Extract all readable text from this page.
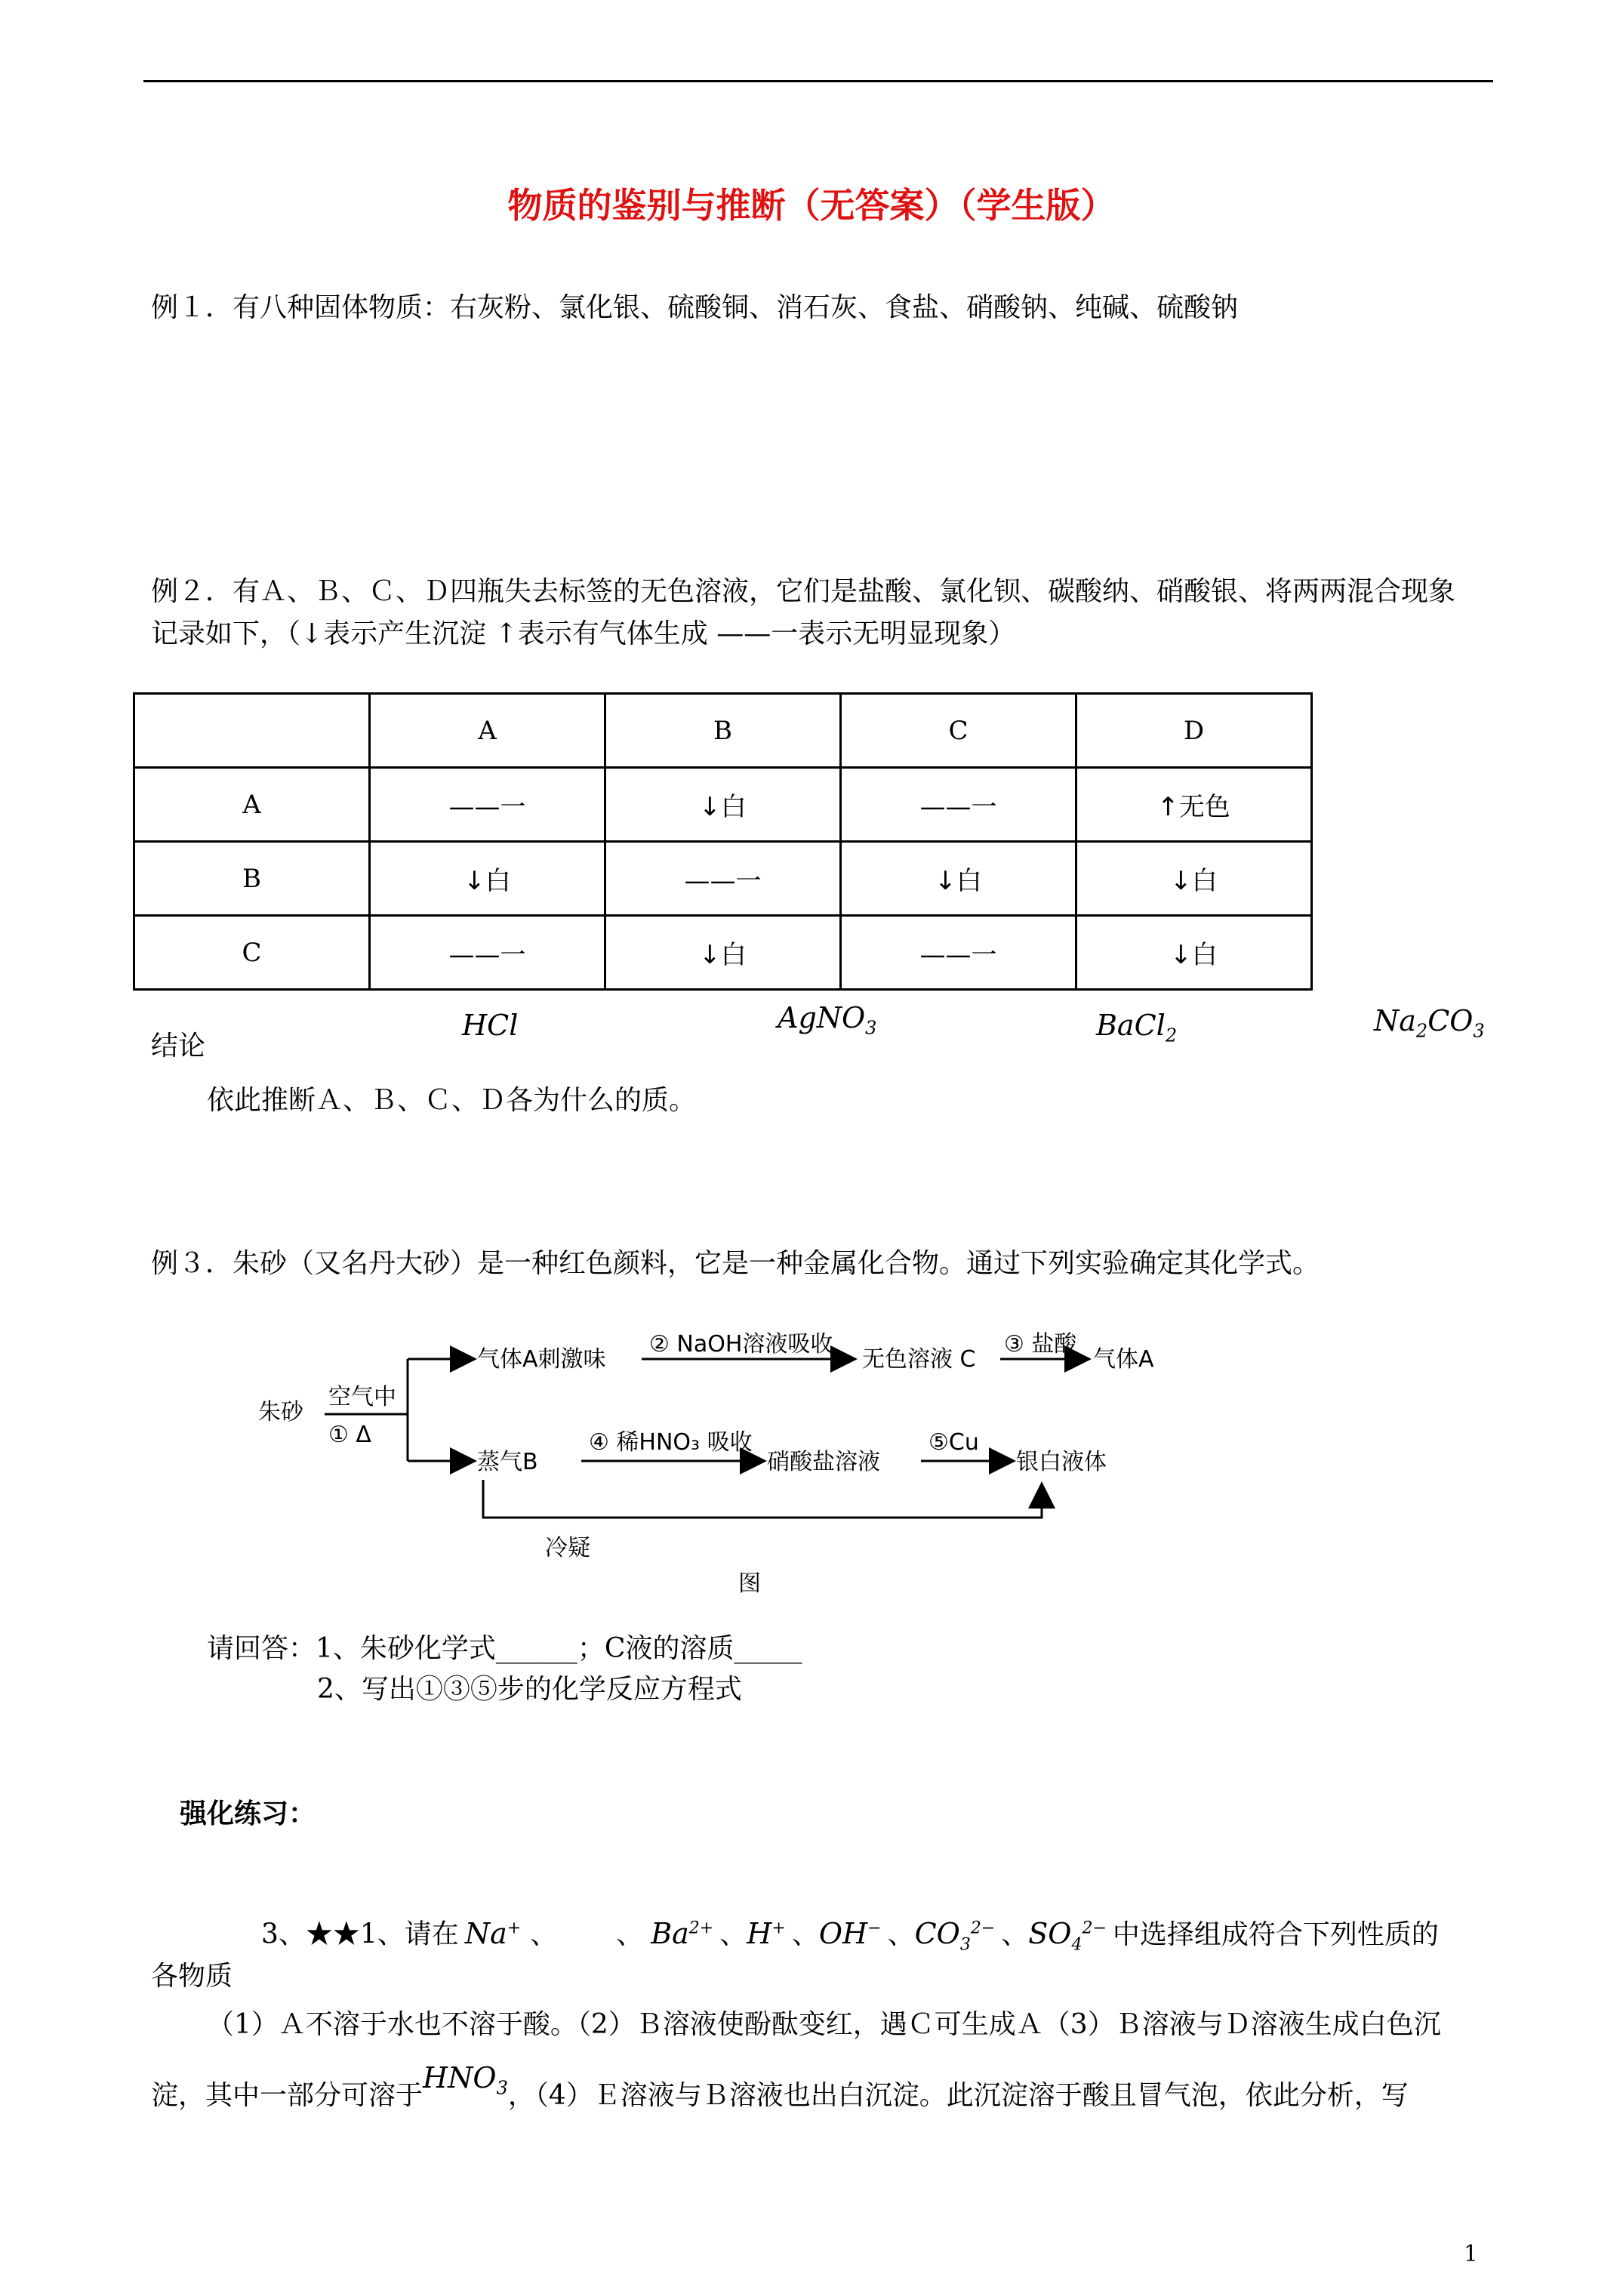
物质的鉴别与推断（无答案）（学生版）
例１．有八种固体物质：右灰粉、氯化银、硫酸铜、消石灰、食盐、硝酸钠、纯碱、硫酸钠
例２．有Ａ、Ｂ、Ｃ、Ｄ四瓶失去标签的无色溶液，它们是盐酸、氯化钡、碳酸纳、硝酸银、将两两混合现象
记录如下，（↓表示产生沉淀 ↑表示有气体生成 ——一表示无明显现象）
	A	B	C	D
A	——一	↓白	——一	↑无色
B	↓白	——一	↓白	↓白
C	——一	↓白	——一	↓白
结论
HCl	AgNO$_3$	BaCl$_2$	$Na_2CO_3$
依此推断Ａ、Ｂ、Ｃ、Ｄ各为什么的质。
例３．朱砂（又名丹大砂）是一种红色颜料，它是一种金属化合物。通过下列实验确定其化学式。
朱砂
空气中
① Δ
气体A刺激味
② NaOH溶液吸收
无色溶液 C
③ 盐酸
气体A
蒸气B
④ 稀HNO₃ 吸收
硝酸盐溶液
⑤Cu
银白液体
冷疑
图
请回答：1、朱砂化学式______；C液的溶质_____
2、写出①③⑤步的化学反应方程式
强化练习：
3、★★1、请在 Na+ 、	、 $Ba^{2+}$ 、H+ 、OH− 、$CO_3^{2-}$ 、$SO_4^{2-}$ 中选择组成符合下列性质的
各物质
（1）Ａ不溶于水也不溶于酸。（2）Ｂ溶液使酚酞变红，遇Ｃ可生成Ａ（3）Ｂ溶液与Ｄ溶液生成白色沉
淀，其中一部分可溶于$HNO_3$，（4）Ｅ溶液与Ｂ溶液也出白沉淀。此沉淀溶于酸且冒气泡，依此分析，写
1
